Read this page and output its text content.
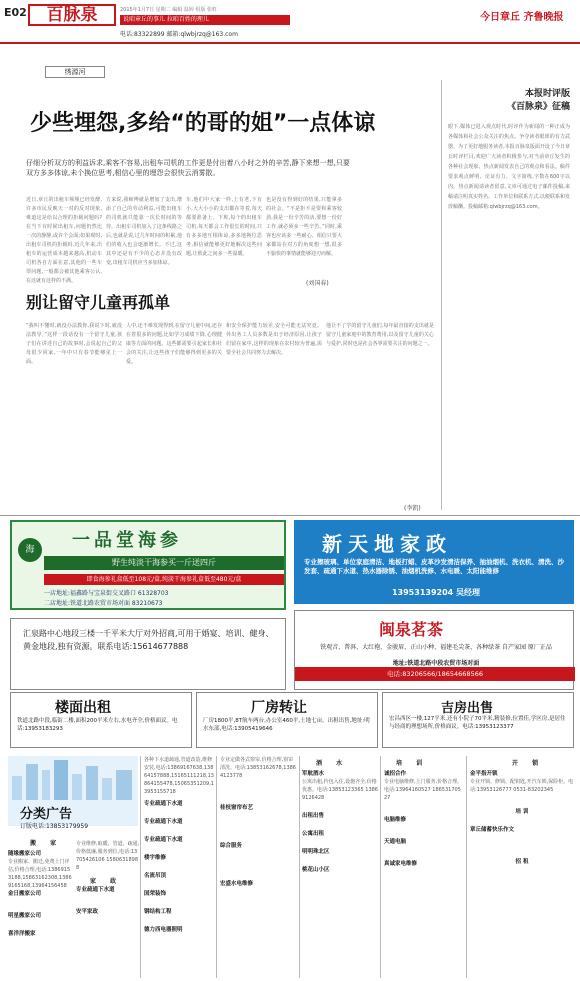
E02	百脉泉	2015年1月7日 星期二 编辑 温婷 组版 张虹
说咱章丘的事儿 拉咱百姓的理儿
电话:83322899 邮箱:qlwbjrzq@163.com
今日章丘 齐鲁晚报
绣源河
少些埋怨,多给“的哥的姐”一点体谅
仔细分析双方的利益诉求,乘客不容易,出租车司机的工作更是付出着八小时之外的辛苦,静下来想一想,只要双方多多体谅,未个换位思考,相信心里的埋怨会很快云消雾散。
近日,章丘的出租车频频已经发酵,许多市民反映天一对的反对现象,难道这是给以合理的拒载问题吗?在当下有时候出租车,问题仍然比一次的静静,或许个会面;如果观时,出租车司机的拒载吗,近几年来,出租车的运营成本越来越高,机动车司机各自方面在意,其他的一些车票问题,一般都会被其他乘客公认,在这就有这样的不满。
方来说,我师傅就是增加了支出,增添了自己的劳动利益,可能出租车的司机就只能靠一次长时间的等待。出租车司机加入了这条线路之后,也就是说,过几年时间的积累,他们的收入也会逐渐增长。不过,这其中还是有不少的心态并没有改变,出租车司机应当多加体谅。
车,他们中大家一样,上有老,下有小,大大小小的支出都在等着,每天都要准备上、下班,每个的出租车司机,每天都会工作很长的时间,只有多多地互相体谅,多多地换位思考,相信就能够更好地解决这些问题,让彼此之间多一些温暖。
也是没有得到好的结果,只能拿多的社会。“不是拒不是要和乘客较劲,我是一份辛苦的活,要想一份好工作,就必须多一些辛苦。”同时,乘客也应该多一些耐心。相信只要大家都站在对方的角度想一想,很多不愉快的事情就能够迎刃而解。
(刘国春)
本报时评版
《百脉泉》征稿
眼下,媒体已进入观点时代,时评作为新闻的一种正成为各媒体和社会公众关注的焦点。争夺读者眼球的有力武器。为了更好地服务读者,本报百脉泉版面开设了今日章丘时评栏目,欢迎广大读者积极参与,对当前章丘发生的各种社会现象、热点新闻发表自己的观点和看法。稿件要求观点鲜明、论证有力、文字简练,字数在600字以内。热点新闻请读者留意,文章可通过电子邮件投稿,来稿请注明真实姓名、工作单位和联系方式,以便联系和发放稿酬。投稿邮箱:qlwbjrzq@163.com。
别让留守儿童再孤单
“我叫不懂时,就没办法教你,我说下时,就没法教导。”这样一段话没有一个留守儿童,孩子们在讲述自己的故事时,会说起自己的父母很少回家,一年中只有春节能够见上一面。
人中,还不难发现得到,在留守儿童中间,还存在着很多的问题,比如学习成绩下降,心理健康等方面的问题。这些都需要引起家长和社会的关注,让这些孩子们能够得到更多的关爱。
和安全保护能力较差,安全可能无法究竟。外出务工人员多数是出于经济原因,让孩子们留在家中,这样的现象在农村较为普遍,需要全社会共同努力去解决。
他让不了学的留守儿童们,每年最直接的支出就是留守儿童家庭中的教育费用,以及留守儿童的关心与爱护,同时也是社会各界需要关注的问题之一。
(李凯)
海	一品堂海参
野生纯淡干海参买一斤送四斤
即食海参礼盒低至108元/盒,纯淡干海参礼盒低至480元/盒
一店地址:福鑫路与宝泉街交叉路口 61328703
二店地址:铁道北路农贸市场对面 83210673
新天地家政
专业擦玻璃、单位家庭清洁、地板打蜡、皮革沙发清洁保养、抽油烟机、洗衣机、清洗、沙发套、疏通下水道、热水器除锈、油烟机洗修、水电暖、太阳能维修
13953139204 吴经理
汇泉路中心地段三楼一千平米大厅对外招商,可用于婚宴、培训、健身、黄金地段,独有资源。联系电话:15614677888
闽泉茗茶
铁观音、普洱、大红袍、金骏眉、正山小种、福建毛尖茶、各种绿茶 自产家园 原厂正品
地址:铁道北路中段农贸市场对面
电话:83206566/18654668566
楼面出租
铁道北路中段,临街二楼,面积200平米左右,水电齐全,价格面议。电话:13953183293
厂房转让
厂房1800平,8T航车两台,办公室460平,土地七亩。出租出售,地址:明水东部,电话:13905419646
吉房出售
宏昌西区一楼,127平米,还有小院子70平米,精装修,位置佳,学区房,是居住与经商的理想场所,价格面议。电话:13953123377
分类广告
订版电话:13853179959
搬 家
随缘搬家公司
专业搬家、搬迁,免费上门评估,价格合理,电话:13869153188,15863162308,13869165168,13964156458
金日搬家公司
明星搬家公司
喜洋洋搬家
家 政
专业维修,取暖、管道、疏通,价格低廉,服务到位,电话:13705426106 15806318988
专业疏通下水道
安平家政
各种下水道疏通,管道改造,维修安装,电话:13869167638,13864157888,15165111218,13864155478,15065351209,13953155718
专业疏通下水道
专业疏通下水道
专业疏通下水道
楼宇维修
名流吊顶
国荣装饰
钢结构工程
德力西电器照明
专业定做各式窗帘,价格合理,窗帘清洗。电话:13853162678,13864123778
桂枝窗帘布艺
综合服务
宏盛水电维修
酒 水
军航酒水
公寓出租,拎包入住,设施齐全,价格优惠。电话:13853123365 13869126428
出租出售
公寓出租
明明珠北区
桃花山小区
培 训
诚招合作
专业电脑维修,上门服务,价格合理。电话:13964160527 18653170527
电脑维修
天通电脑
真诚家电维修
开 锁
金平指开锁
专业开锁、修锁、配钥匙,开汽车锁,保险柜。电话:13953126777 0531-83202345
培 训
章丘储蓄快乐作文
招 租
